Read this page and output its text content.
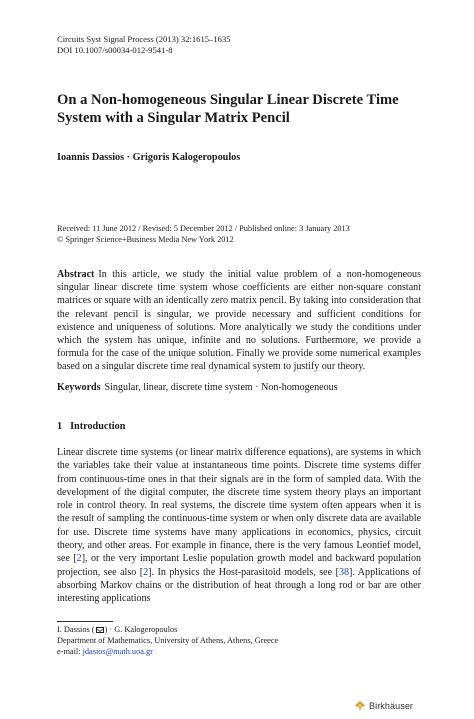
Circuits Syst Signal Process (2013) 32:1615–1635
DOI 10.1007/s00034-012-9541-8
On a Non-homogeneous Singular Linear Discrete Time
System with a Singular Matrix Pencil
Ioannis Dassios · Grigoris Kalogeropoulos
Received: 11 June 2012 / Revised: 5 December 2012 / Published online: 3 January 2013
© Springer Science+Business Media New York 2012
Abstract In this article, we study the initial value problem of a non-homogeneous singular linear discrete time system whose coefficients are either non-square constant matrices or square with an identically zero matrix pencil. By taking into consideration that the relevant pencil is singular, we provide necessary and sufficient conditions for existence and uniqueness of solutions. More analytically we study the conditions under which the system has unique, infinite and no solutions. Furthermore, we provide a formula for the case of the unique solution. Finally we provide some numerical examples based on a singular discrete time real dynamical system to justify our theory.
Keywords Singular, linear, discrete time system · Non-homogeneous
1 Introduction
Linear discrete time systems (or linear matrix difference equations), are systems in which the variables take their value at instantaneous time points. Discrete time systems differ from continuous-time ones in that their signals are in the form of sampled data. With the development of the digital computer, the discrete time system theory plays an important role in control theory. In real systems, the discrete time system often appears when it is the result of sampling the continuous-time system or when only discrete data are available for use. Discrete time systems have many applications in economics, physics, circuit theory, and other areas. For example in finance, there is the very famous Leontief model, see [2], or the very important Leslie population growth model and backward population projection, see also [2]. In physics the Host-parasitoid models, see [38]. Applications of absorbing Markov chains or the distribution of heat through a long rod or bar are other interesting applications
I. Dassios ( ) · G. Kalogeropoulos
Department of Mathematics, University of Athens, Athens, Greece
e-mail: jdasios@math.uoa.gr
Birkhäuser
